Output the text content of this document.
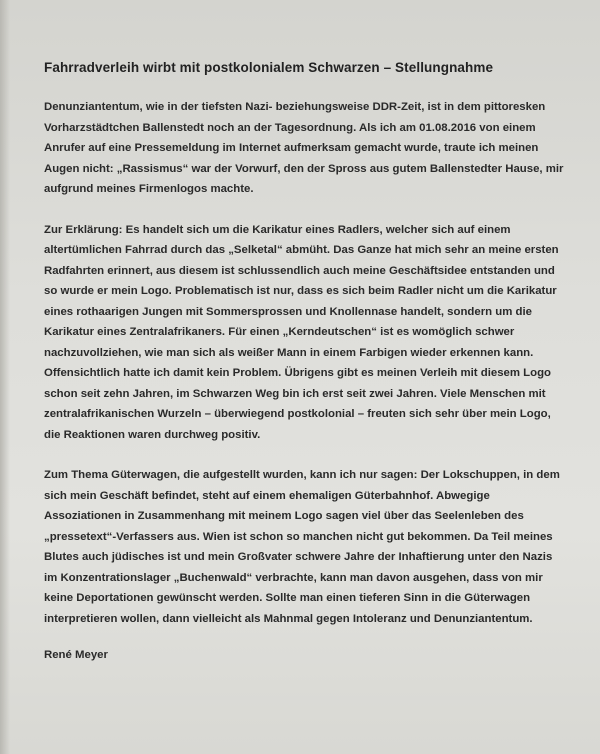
Fahrradverleih wirbt mit postkolonialem Schwarzen – Stellungnahme

Denunziantentum, wie in der tiefsten Nazi- beziehungsweise DDR-Zeit, ist in dem pittoresken Vorharzstädtchen Ballenstedt noch an der Tagesordnung. Als ich am 01.08.2016 von einem Anrufer auf eine Pressemeldung im Internet aufmerksam gemacht wurde, traute ich meinen Augen nicht: „Rassismus“ war der Vorwurf, den der Spross aus gutem Ballenstedter Hause, mir aufgrund meines Firmenlogos machte.

Zur Erklärung: Es handelt sich um die Karikatur eines Radlers, welcher sich auf einem altertümlichen Fahrrad durch das „Selketal“ abmüht. Das Ganze hat mich sehr an meine ersten Radfahrten erinnert, aus diesem ist schlussendlich auch meine Geschäftsidee entstanden und so wurde er mein Logo. Problematisch ist nur, dass es sich beim Radler nicht um die Karikatur eines rothaarigen Jungen mit Sommersprossen und Knollennase handelt, sondern um die Karikatur eines Zentralafrikaners. Für einen „Kerndeutschen“ ist es womöglich schwer nachzuvollziehen, wie man sich als weißer Mann in einem Farbigen wieder erkennen kann. Offensichtlich hatte ich damit kein Problem. Übrigens gibt es meinen Verleih mit diesem Logo schon seit zehn Jahren, im Schwarzen Weg bin ich erst seit zwei Jahren. Viele Menschen mit zentralafrikanischen Wurzeln – überwiegend postkolonial – freuten sich sehr über mein Logo, die Reaktionen waren durchweg positiv.

Zum Thema Güterwagen, die aufgestellt wurden, kann ich nur sagen: Der Lokschuppen, in dem sich mein Geschäft befindet, steht auf einem ehemaligen Güterbahnhof. Abwegige Assoziationen in Zusammenhang mit meinem Logo sagen viel über das Seelenleben des „pressetext“-Verfassers aus. Wien ist schon so manchen nicht gut bekommen. Da Teil meines Blutes auch jüdisches ist und mein Großvater schwere Jahre der Inhaftierung unter den Nazis im Konzentrationslager „Buchenwald“ verbrachte, kann man davon ausgehen, dass von mir keine Deportationen gewünscht werden. Sollte man einen tieferen Sinn in die Güterwagen interpretieren wollen, dann vielleicht als Mahnmal gegen Intoleranz und Denunziantentum.

René Meyer
